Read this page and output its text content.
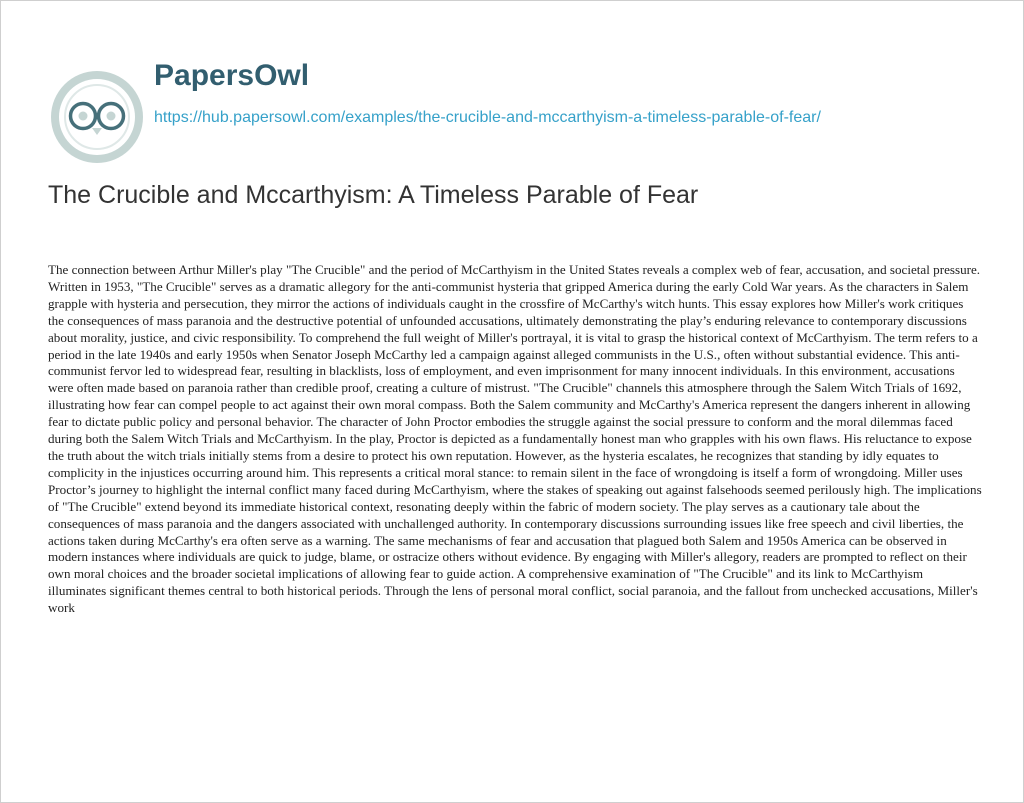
PapersOwl
https://hub.papersowl.com/examples/the-crucible-and-mccarthyism-a-timeless-parable-of-fear/
The Crucible and Mccarthyism: A Timeless Parable of Fear

The connection between Arthur Miller's play "The Crucible" and the period of McCarthyism in the United States reveals a complex web of fear, accusation, and societal pressure. Written in 1953, "The Crucible" serves as a dramatic allegory for the anti-communist hysteria that gripped America during the early Cold War years. As the characters in Salem grapple with hysteria and persecution, they mirror the actions of individuals caught in the crossfire of McCarthy's witch hunts. This essay explores how Miller's work critiques the consequences of mass paranoia and the destructive potential of unfounded accusations, ultimately demonstrating the play’s enduring relevance to contemporary discussions about morality, justice, and civic responsibility. To comprehend the full weight of Miller's portrayal, it is vital to grasp the historical context of McCarthyism. The term refers to a period in the late 1940s and early 1950s when Senator Joseph McCarthy led a campaign against alleged communists in the U.S., often without substantial evidence. This anti-communist fervor led to widespread fear, resulting in blacklists, loss of employment, and even imprisonment for many innocent individuals. In this environment, accusations were often made based on paranoia rather than credible proof, creating a culture of mistrust. "The Crucible" channels this atmosphere through the Salem Witch Trials of 1692, illustrating how fear can compel people to act against their own moral compass. Both the Salem community and McCarthy's America represent the dangers inherent in allowing fear to dictate public policy and personal behavior. The character of John Proctor embodies the struggle against the social pressure to conform and the moral dilemmas faced during both the Salem Witch Trials and McCarthyism. In the play, Proctor is depicted as a fundamentally honest man who grapples with his own flaws. His reluctance to expose the truth about the witch trials initially stems from a desire to protect his own reputation. However, as the hysteria escalates, he recognizes that standing by idly equates to complicity in the injustices occurring around him. This represents a critical moral stance: to remain silent in the face of wrongdoing is itself a form of wrongdoing. Miller uses Proctor’s journey to highlight the internal conflict many faced during McCarthyism, where the stakes of speaking out against falsehoods seemed perilously high. The implications of "The Crucible" extend beyond its immediate historical context, resonating deeply within the fabric of modern society. The play serves as a cautionary tale about the consequences of mass paranoia and the dangers associated with unchallenged authority. In contemporary discussions surrounding issues like free speech and civil liberties, the actions taken during McCarthy's era often serve as a warning. The same mechanisms of fear and accusation that plagued both Salem and 1950s America can be observed in modern instances where individuals are quick to judge, blame, or ostracize others without evidence. By engaging with Miller's allegory, readers are prompted to reflect on their own moral choices and the broader societal implications of allowing fear to guide action. A comprehensive examination of "The Crucible" and its link to McCarthyism illuminates significant themes central to both historical periods. Through the lens of personal moral conflict, social paranoia, and the fallout from unchecked accusations, Miller's work
